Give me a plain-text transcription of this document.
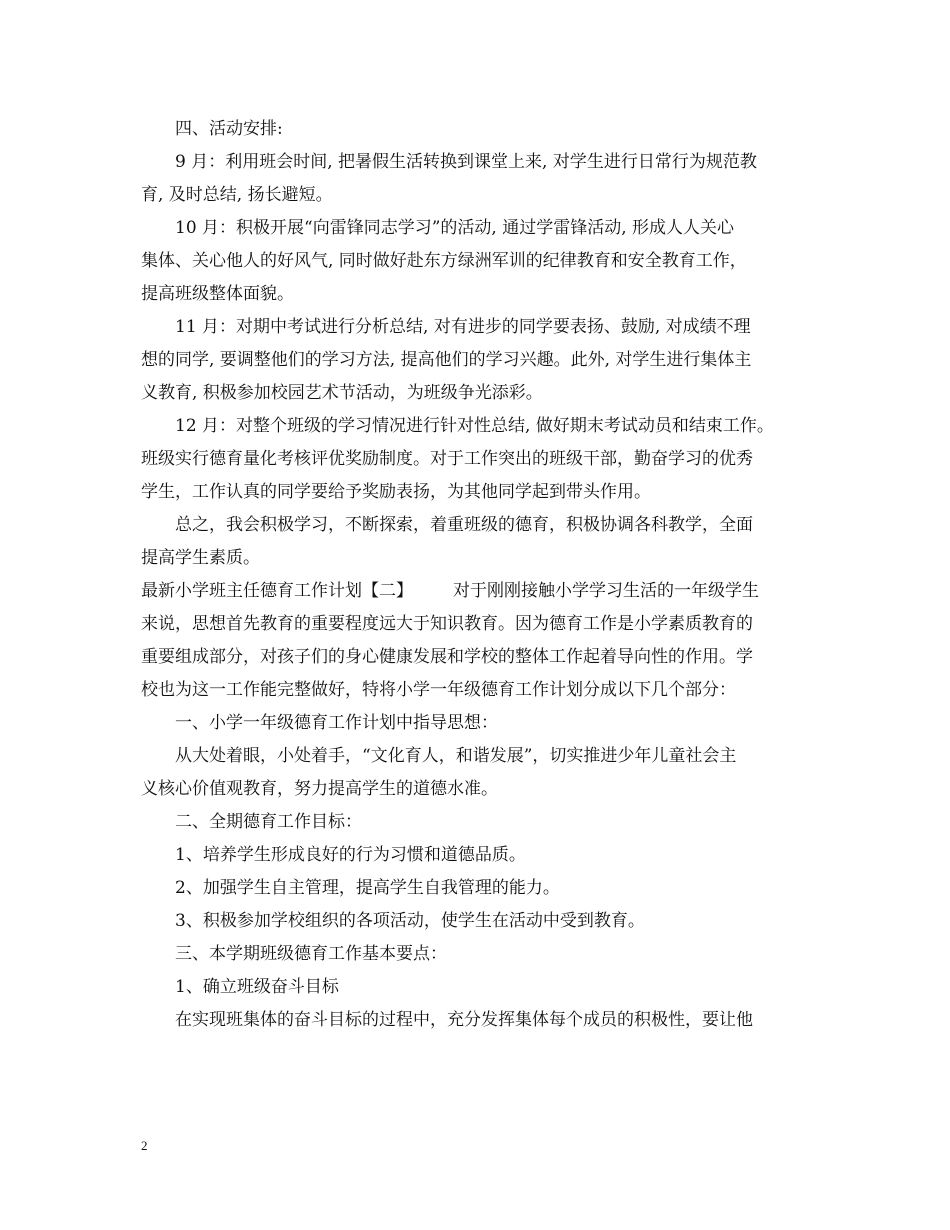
四、活动安排:

9 月：利用班会时间, 把暑假生活转换到课堂上来, 对学生进行日常行为规范教

育, 及时总结, 扬长避短。

10 月：积极开展“向雷锋同志学习”的活动, 通过学雷锋活动, 形成人人关心

集体、关心他人的好风气, 同时做好赴东方绿洲军训的纪律教育和安全教育工作，

提高班级整体面貌。

11 月：对期中考试进行分析总结, 对有进步的同学要表扬、鼓励, 对成绩不理

想的同学, 要调整他们的学习方法, 提高他们的学习兴趣。此外, 对学生进行集体主

义教育, 积极参加校园艺术节活动，为班级争光添彩。

12 月：对整个班级的学习情况进行针对性总结, 做好期末考试动员和结束工作。

班级实行德育量化考核评优奖励制度。对于工作突出的班级干部，勤奋学习的优秀

学生，工作认真的同学要给予奖励表扬，为其他同学起到带头作用。

总之，我会积极学习，不断探索，着重班级的德育，积极协调各科教学，全面

提高学生素质。

最新小学班主任德育工作计划【二】 对于刚刚接触小学学习生活的一年级学生

来说，思想首先教育的重要程度远大于知识教育。因为德育工作是小学素质教育的

重要组成部分，对孩子们的身心健康发展和学校的整体工作起着导向性的作用。学

校也为这一工作能完整做好，特将小学一年级德育工作计划分成以下几个部分：

一、小学一年级德育工作计划中指导思想：

从大处着眼，小处着手，“文化育人，和谐发展”，切实推进少年儿童社会主

义核心价值观教育，努力提高学生的道德水准。

二、全期德育工作目标：

1、培养学生形成良好的行为习惯和道德品质。

2、加强学生自主管理，提高学生自我管理的能力。

3、积极参加学校组织的各项活动，使学生在活动中受到教育。

三、本学期班级德育工作基本要点：

1、确立班级奋斗目标

在实现班集体的奋斗目标的过程中，充分发挥集体每个成员的积极性，要让他

2
